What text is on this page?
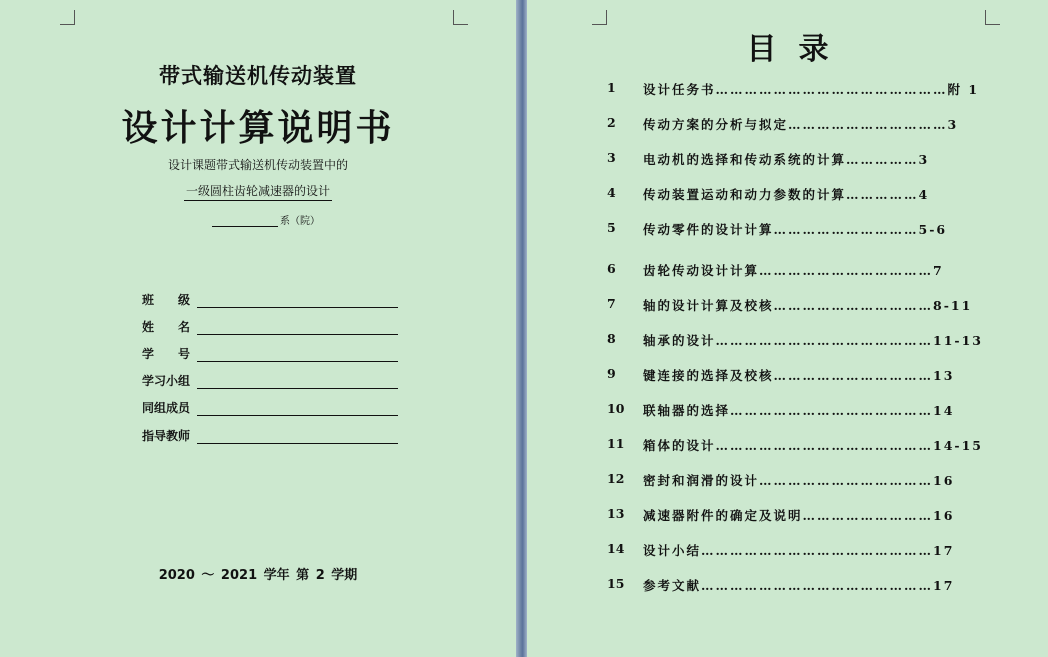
带式输送机传动装置
设计计算说明书
设计课题带式输送机传动装置中的
一级圆柱齿轮减速器的设计
系（院）
班　　级
姓　　名
学　　号
学习小组
同组成员
指导教师
2020 ～ 2021 学年 第 2 学期
目录
1 设计任务书…………………………………………附 1
2 传动方案的分析与拟定……………………………3
3 电动机的选择和传动系统的计算……………3
4 传动装置运动和动力参数的计算……………4
5 传动零件的设计计算…………………………5-6
6 齿轮传动设计计算………………………………7
7 轴的设计计算及校核……………………………8-11
8 轴承的设计………………………………………11-13
9 键连接的选择及校核……………………………13
10 联轴器的选择……………………………………14
11 箱体的设计………………………………………14-15
12 密封和润滑的设计………………………………16
13 减速器附件的确定及说明………………………16
14 设计小结…………………………………………17
15 参考文献…………………………………………17
